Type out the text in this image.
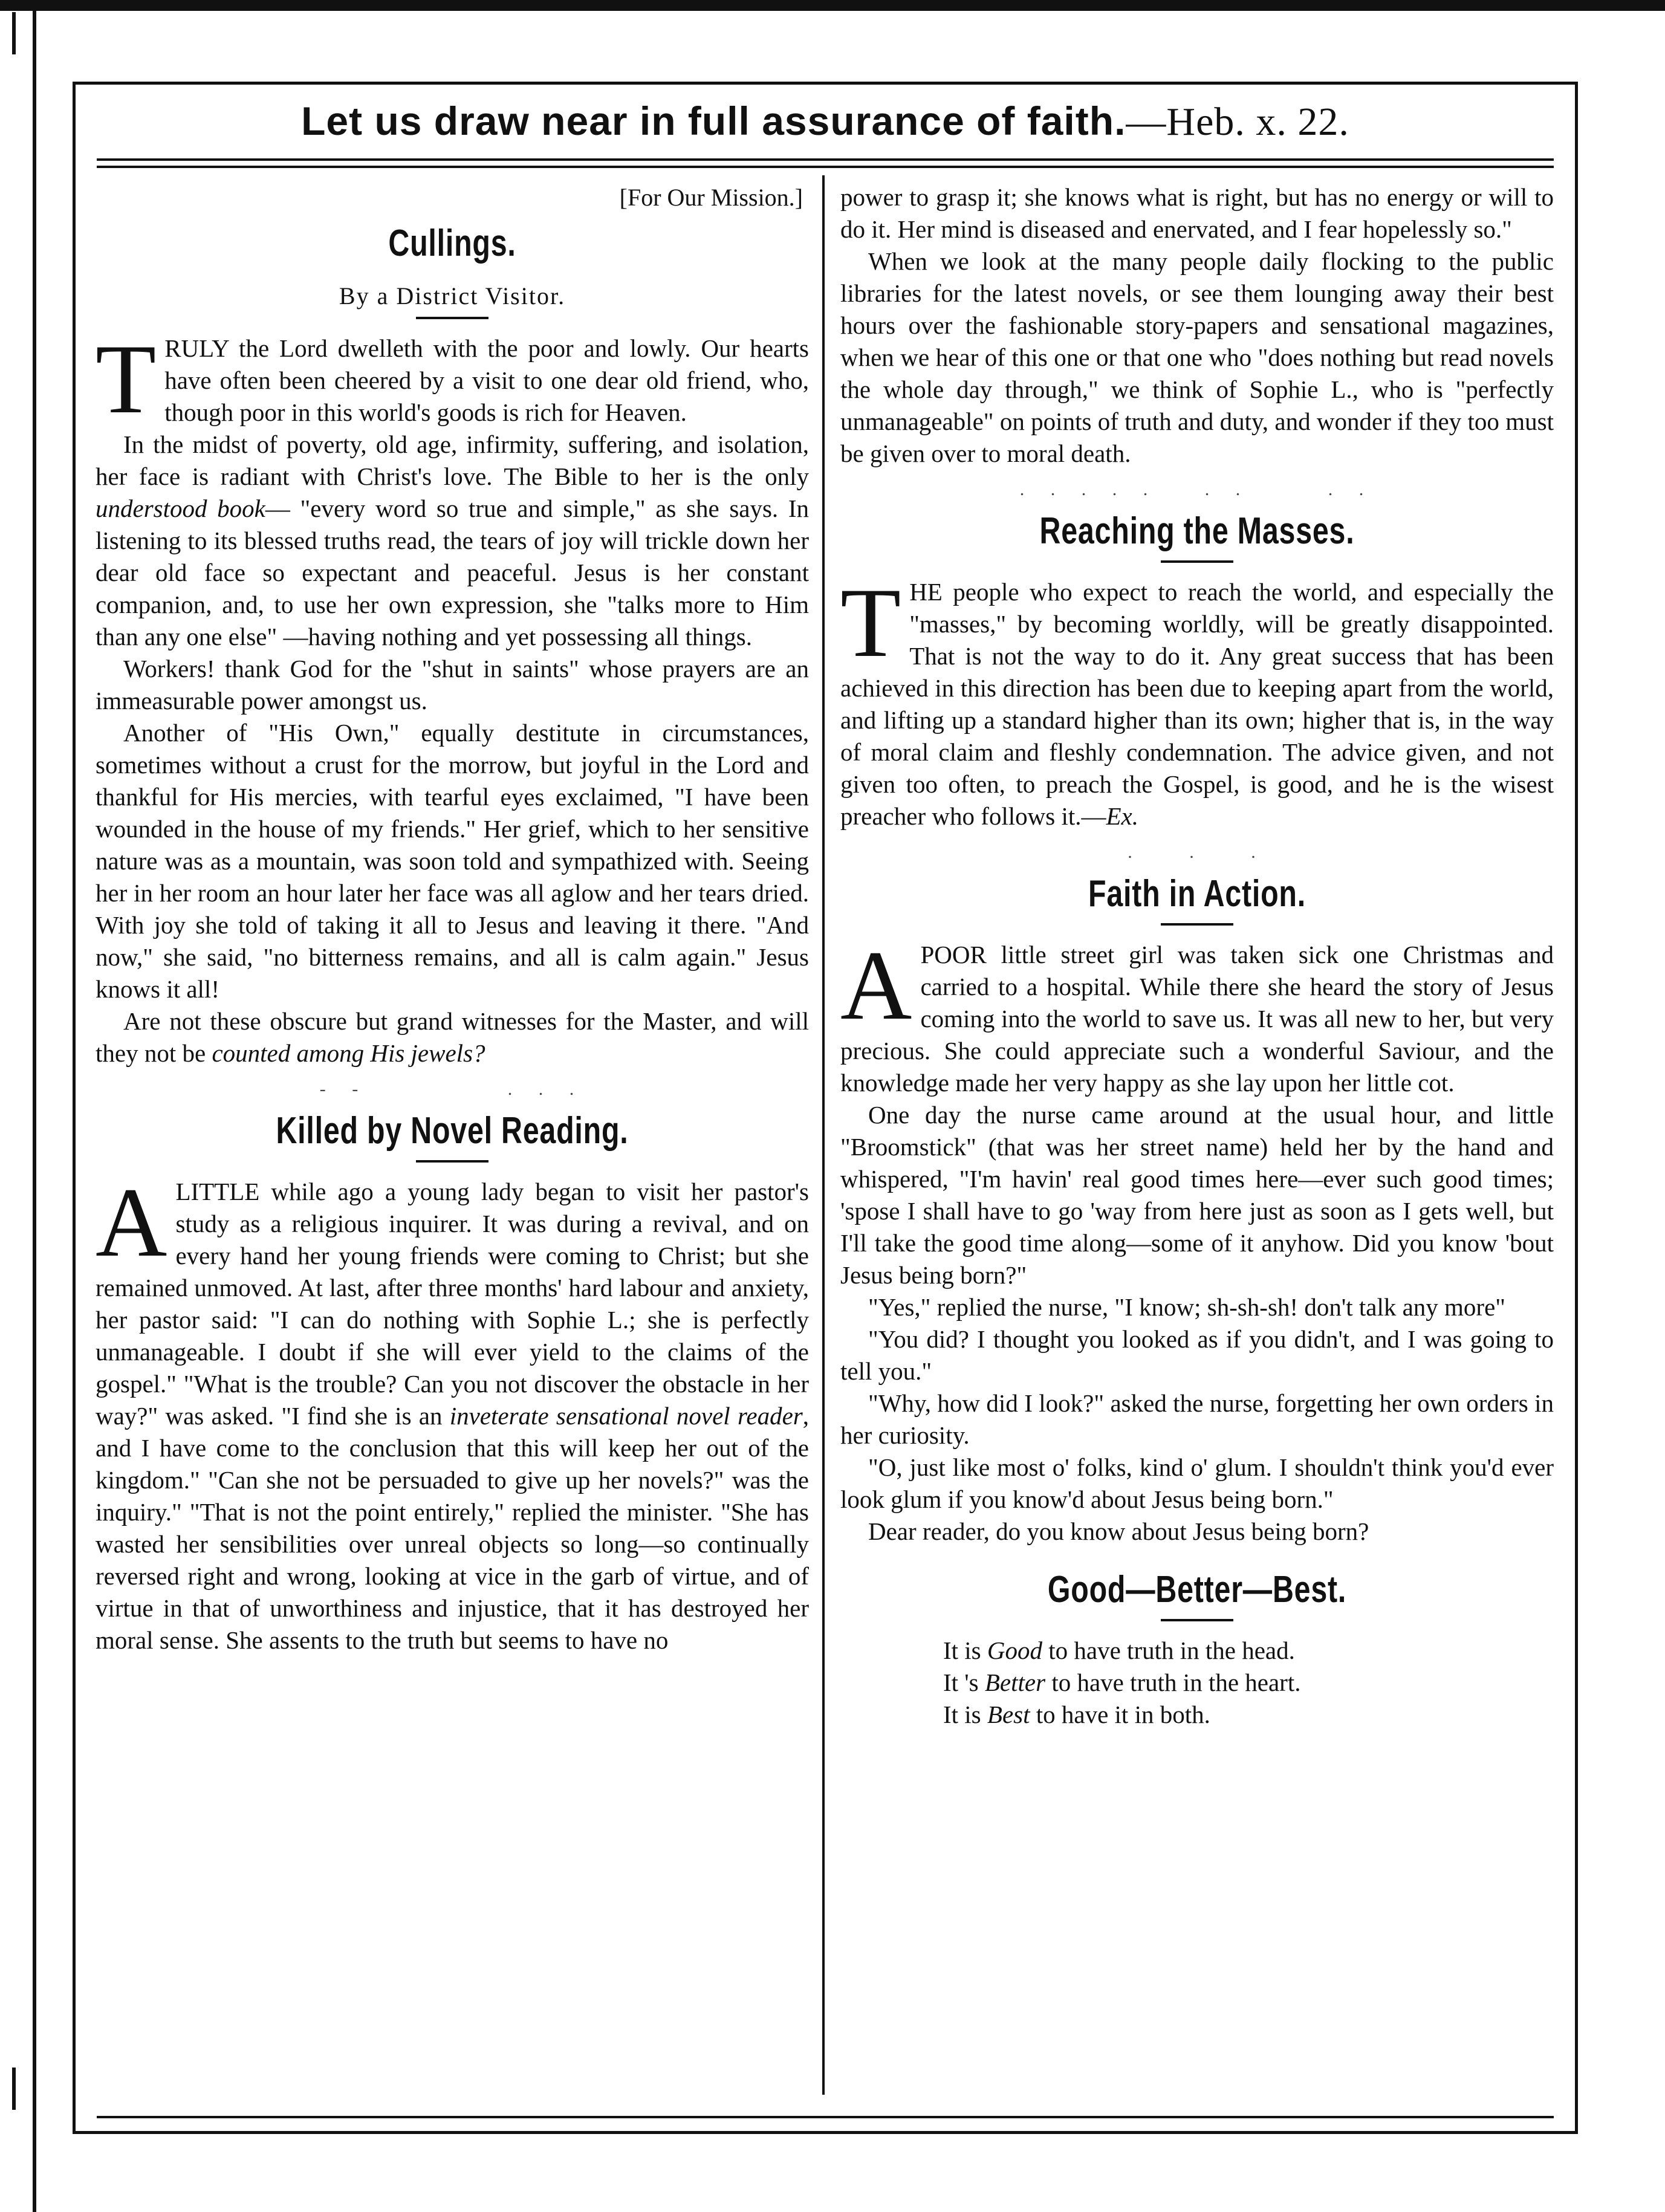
Let us draw near in full assurance of faith.—Heb. x. 22.
[For Our Mission.]
Cullings.
By a District Visitor.

TRULY the Lord dwelleth with the poor and lowly. Our hearts have often been cheered by a visit to one dear old friend, who, though poor in this world's goods is rich for Heaven.

In the midst of poverty, old age, infirmity, suffering, and isolation, her face is radiant with Christ's love. The Bible to her is the only understood book— "every word so true and simple," as she says. In listening to its blessed truths read, the tears of joy will trickle down her dear old face so expectant and peaceful. Jesus is her constant companion, and, to use her own expression, she "talks more to Him than any one else" —having nothing and yet possessing all things.

Workers! thank God for the "shut in saints" whose prayers are an immeasurable power amongst us.

Another of "His Own," equally destitute in circumstances, sometimes without a crust for the morrow, but joyful in the Lord and thankful for His mercies, with tearful eyes exclaimed, "I have been wounded in the house of my friends." Her grief, which to her sensitive nature was as a mountain, was soon told and sympathized with. Seeing her in her room an hour later her face was all aglow and her tears dried. With joy she told of taking it all to Jesus and leaving it there. "And now," she said, "no bitterness remains, and all is calm again." Jesus knows it all!

Are not these obscure but grand witnesses for the Master, and will they not be counted among His jewels?

- -         . . .
Killed by Novel Reading.

ALITTLE while ago a young lady began to visit her pastor's study as a religious inquirer. It was during a revival, and on every hand her young friends were coming to Christ; but she remained unmoved. At last, after three months' hard labour and anxiety, her pastor said: "I can do nothing with Sophie L.; she is perfectly unmanageable. I doubt if she will ever yield to the claims of the gospel." "What is the trouble? Can you not discover the obstacle in her way?" was asked. "I find she is an inveterate sensational novel reader, and I have come to the conclusion that this will keep her out of the kingdom." "Can she not be persuaded to give up her novels?" was the inquiry." "That is not the point entirely," replied the minister. "She has wasted her sensibilities over unreal objects so long—so continually reversed right and wrong, looking at vice in the garb of virtue, and of virtue in that of unworthiness and injustice, that it has destroyed her moral sense. She assents to the truth but seems to have no

power to grasp it; she knows what is right, but has no energy or will to do it. Her mind is diseased and enervated, and I fear hopelessly so."

When we look at the many people daily flocking to the public libraries for the latest novels, or see them lounging away their best hours over the fashionable story-papers and sensational magazines, when we hear of this one or that one who "does nothing but read novels the whole day through," we think of Sophie L., who is "perfectly unmanageable" on points of truth and duty, and wonder if they too must be given over to moral death.

. . . . .   . .     . .
Reaching the Masses.

THE people who expect to reach the world, and especially the "masses," by becoming worldly, will be greatly disappointed. That is not the way to do it. Any great success that has been achieved in this direction has been due to keeping apart from the world, and lifting up a standard higher than its own; higher that is, in the way of moral claim and fleshly condemnation. The advice given, and not given too often, to preach the Gospel, is good, and he is the wisest preacher who follows it.—Ex.

.   .   .
Faith in Action.

APOOR little street girl was taken sick one Christmas and carried to a hospital. While there she heard the story of Jesus coming into the world to save us. It was all new to her, but very precious. She could appreciate such a wonderful Saviour, and the knowledge made her very happy as she lay upon her little cot.

One day the nurse came around at the usual hour, and little "Broomstick" (that was her street name) held her by the hand and whispered, "I'm havin' real good times here—ever such good times; 'spose I shall have to go 'way from here just as soon as I gets well, but I'll take the good time along—some of it anyhow. Did you know 'bout Jesus being born?"

"Yes," replied the nurse, "I know; sh-sh-sh! don't talk any more"

"You did? I thought you looked as if you didn't, and I was going to tell you."

"Why, how did I look?" asked the nurse, forgetting her own orders in her curiosity.

"O, just like most o' folks, kind o' glum. I shouldn't think you'd ever look glum if you know'd about Jesus being born."

Dear reader, do you know about Jesus being born?

Good—Better—Best.

It is Good to have truth in the head.

It 's Better to have truth in the heart.

It is Best to have it in both.
